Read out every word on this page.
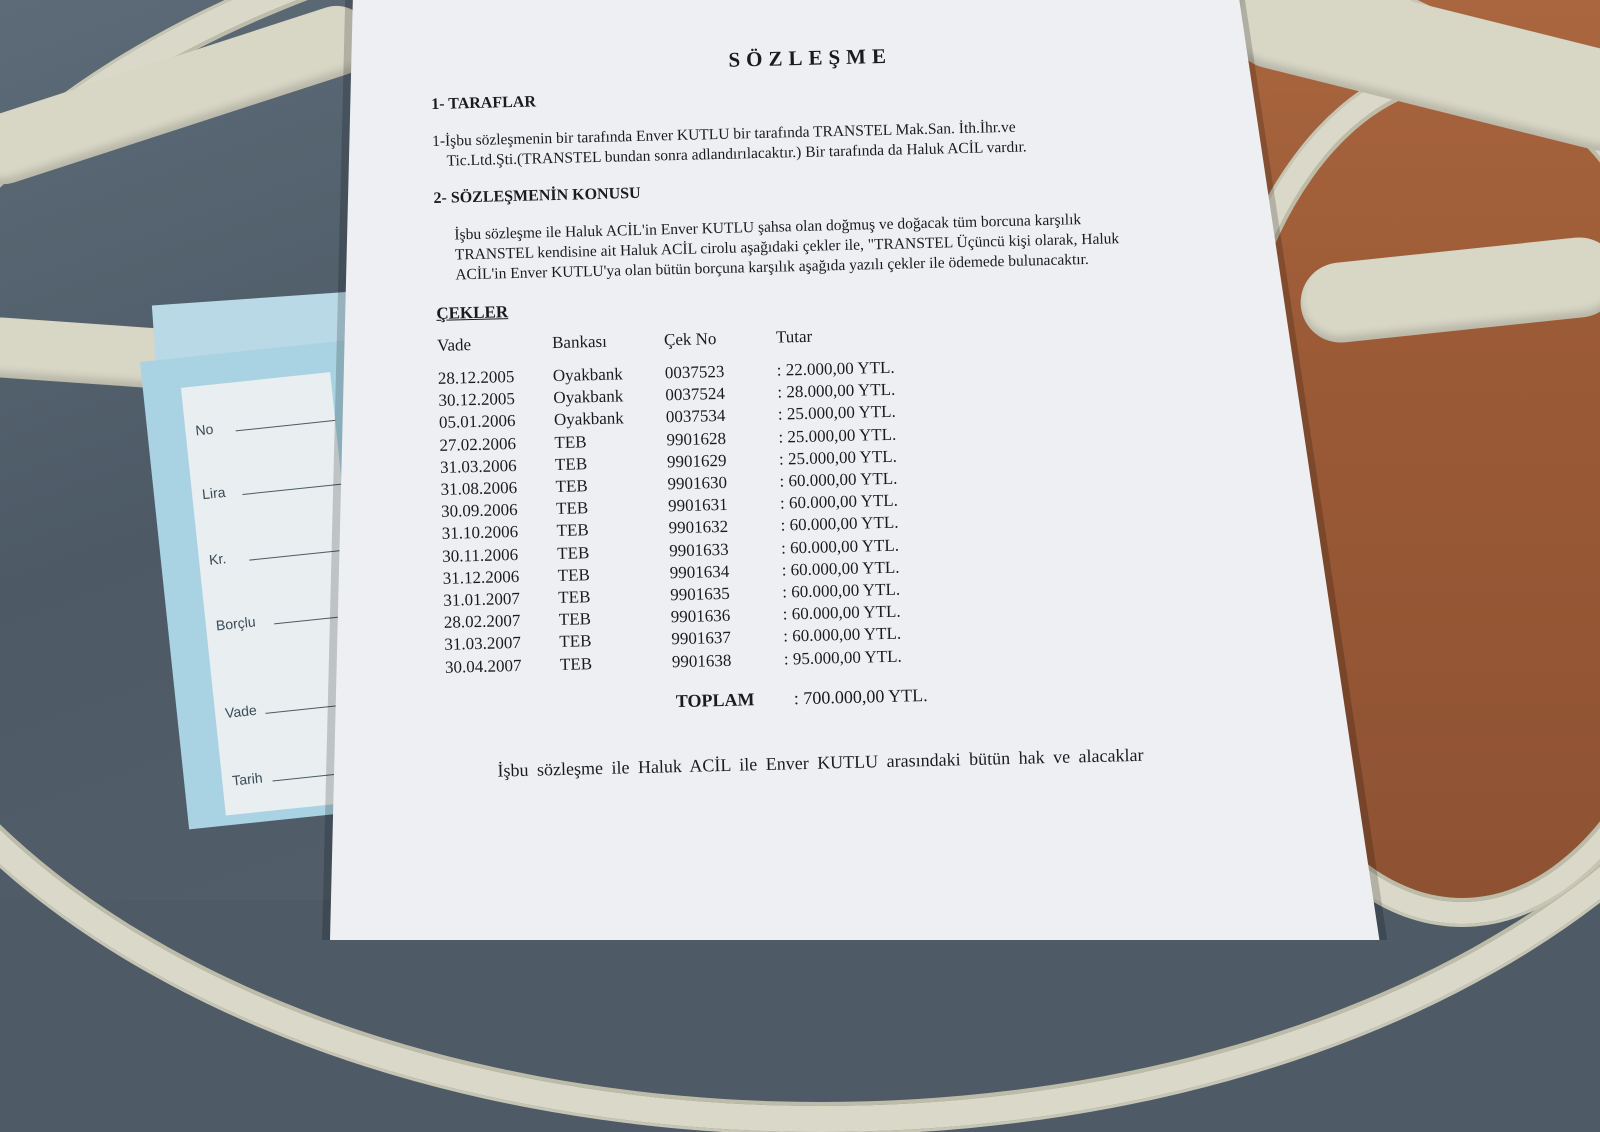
No
Lira
Kr.
Borçlu
Vade
Tarih
SÖZLEŞME
1- TARAFLAR
1-İşbu sözleşmenin bir tarafında Enver KUTLU bir tarafında TRANSTEL Mak.San. İth.İhr.ve Tic.Ltd.Şti.(TRANSTEL bundan sonra adlandırılacaktır.) Bir tarafında da Haluk ACİL vardır.
2- SÖZLEŞMENİN KONUSU
İşbu sözleşme ile Haluk ACİL'in Enver KUTLU şahsa olan doğmuş ve doğacak tüm borcuna karşılık TRANSTEL kendisine ait Haluk ACİL cirolu aşağıdaki çekler ile, "TRANSTEL Üçüncü kişi olarak, Haluk ACİL'in Enver KUTLU'ya olan bütün borçuna karşılık aşağıda yazılı çekler ile ödemede bulunacaktır.
ÇEKLER
Vade	Bankası	Çek No	Tutar
28.12.2005	Oyakbank	0037523	: 22.000,00 YTL.
30.12.2005	Oyakbank	0037524	: 28.000,00 YTL.
05.01.2006	Oyakbank	0037534	: 25.000,00 YTL.
27.02.2006	TEB	9901628	: 25.000,00 YTL.
31.03.2006	TEB	9901629	: 25.000,00 YTL.
31.08.2006	TEB	9901630	: 60.000,00 YTL.
30.09.2006	TEB	9901631	: 60.000,00 YTL.
31.10.2006	TEB	9901632	: 60.000,00 YTL.
30.11.2006	TEB	9901633	: 60.000,00 YTL.
31.12.2006	TEB	9901634	: 60.000,00 YTL.
31.01.2007	TEB	9901635	: 60.000,00 YTL.
28.02.2007	TEB	9901636	: 60.000,00 YTL.
31.03.2007	TEB	9901637	: 60.000,00 YTL.
30.04.2007	TEB	9901638	: 95.000,00 YTL.
TOPLAM : 700.000,00 YTL.
İşbu sözleşme ile Haluk ACİL ile Enver KUTLU arasındaki bütün hak ve alacaklar
